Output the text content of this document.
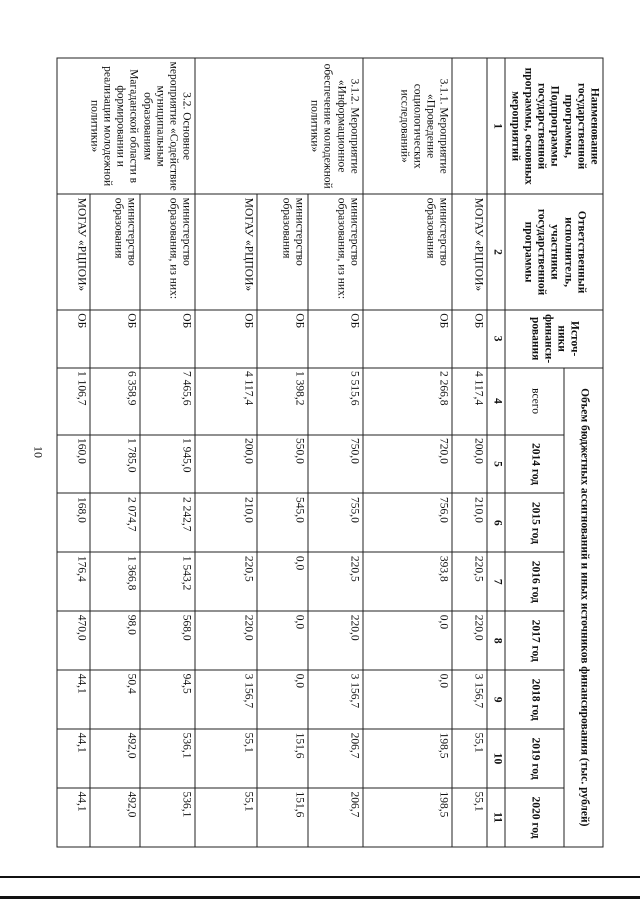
10
Наименование государственной программы, Подпрограммы государственной программы, основных мероприятий	Ответственный исполнитель, участники государственной программы	Источ-ники финанси-рования	Объем бюджетных ассигнований и иных источников финансирования (тыс. рублей)							
			всего	2014 год	2015 год	2016 год	2017 год	2018 год	2019 год	2020 год
1	2	3	4	5	6	7	8	9	10	11
	МОГАУ «РЦПОИ»	ОБ	4 117,4	200,0	210,0	220,5	220,0	3 156,7	55,1	55,1
3.1.1. Мероприятие «Проведение социологических исследований»	министерство образования	ОБ	2 266,8	720,0	756,0	393,8	0,0	0,0	198,5	198,5
3.1.2. Мероприятие «Информационное обеспечение молодежной политики»	министерство образования, из них:	ОБ	5 515,6	750,0	755,0	220,5	220,0	3 156,7	206,7	206,7
	министерство образования	ОБ	1 398,2	550,0	545,0	0,0	0,0	0,0	151,6	151,6
	МОГАУ «РЦПОИ»	ОБ	4 117,4	200,0	210,0	220,5	220,0	3 156,7	55,1	55,1
3.2. Основное мероприятие «Содействие муниципальным образованиям Магаданской области в формировании и реализации молодежной политики»	министерство образования, из них:	ОБ	7 465,6	1 945,0	2 242,7	1 543,2	568,0	94,5	536,1	536,1
	министерство образования	ОБ	6 358,9	1 785,0	2 074,7	1 366,8	98,0	50,4	492,0	492,0
	МОГАУ «РЦПОИ»	ОБ	1 106,7	160,0	168,0	176,4	470,0	44,1	44,1	44,1
